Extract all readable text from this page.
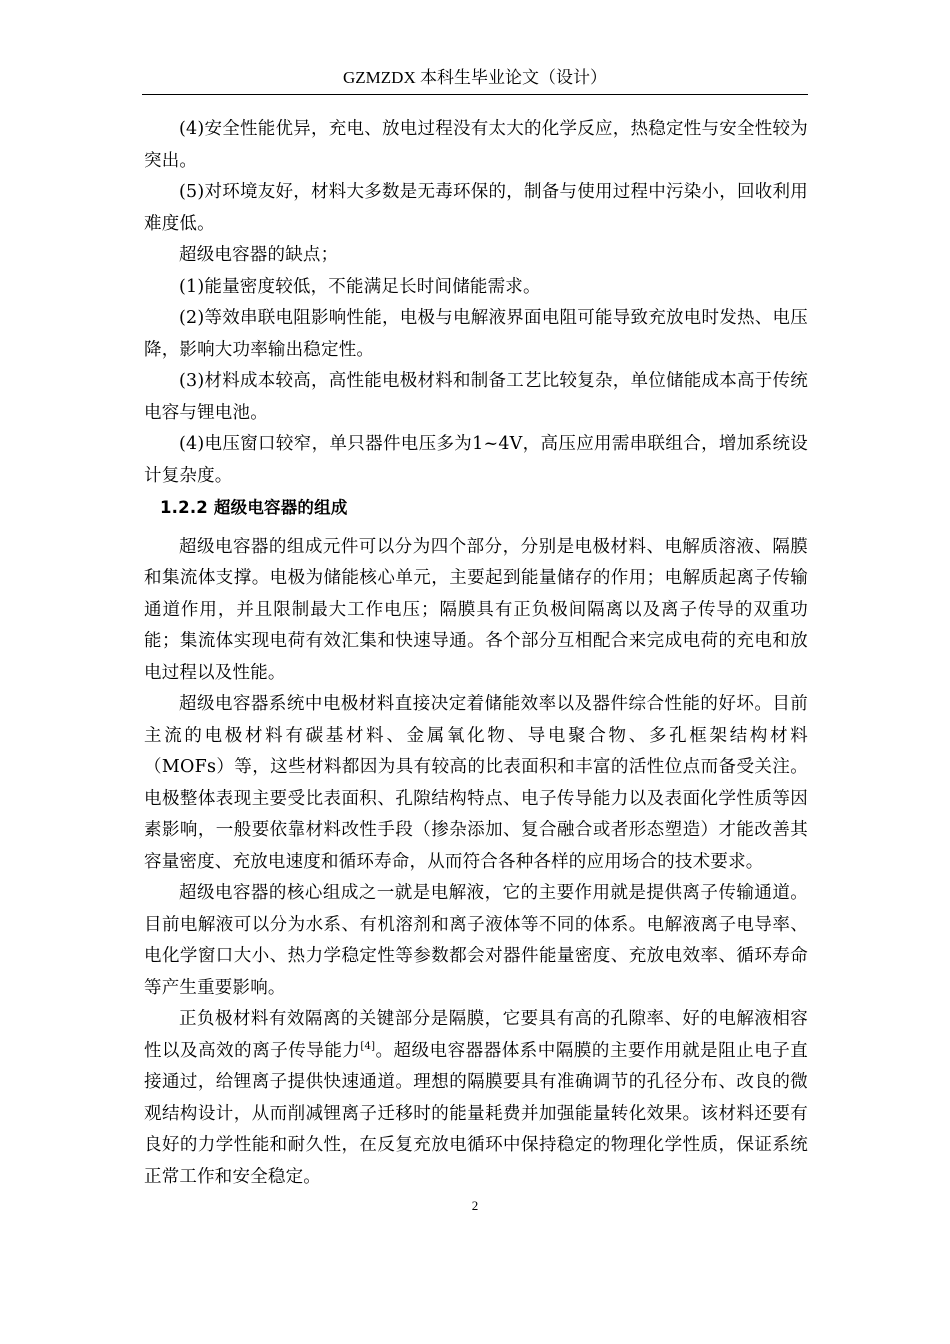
GZMZDX 本科生毕业论文（设计）

(4)安全性能优异，充电、放电过程没有太大的化学反应，热稳定性与安全性较为突出。

(5)对环境友好，材料大多数是无毒环保的，制备与使用过程中污染小，回收利用难度低。

超级电容器的缺点；

(1)能量密度较低，不能满足长时间储能需求。

(2)等效串联电阻影响性能，电极与电解液界面电阻可能导致充放电时发热、电压降，影响大功率输出稳定性。

(3)材料成本较高，高性能电极材料和制备工艺比较复杂，单位储能成本高于传统电容与锂电池。

(4)电压窗口较窄，单只器件电压多为1~4V，高压应用需串联组合，增加系统设计复杂度。

1.2.2 超级电容器的组成

超级电容器的组成元件可以分为四个部分，分别是电极材料、电解质溶液、隔膜和集流体支撑。电极为储能核心单元，主要起到能量储存的作用；电解质起离子传输通道作用，并且限制最大工作电压；隔膜具有正负极间隔离以及离子传导的双重功能；集流体实现电荷有效汇集和快速导通。各个部分互相配合来完成电荷的充电和放电过程以及性能。

超级电容器系统中电极材料直接决定着储能效率以及器件综合性能的好坏。目前主流的电极材料有碳基材料、金属氧化物、导电聚合物、多孔框架结构材料（MOFs）等，这些材料都因为具有较高的比表面积和丰富的活性位点而备受关注。电极整体表现主要受比表面积、孔隙结构特点、电子传导能力以及表面化学性质等因素影响，一般要依靠材料改性手段（掺杂添加、复合融合或者形态塑造）才能改善其容量密度、充放电速度和循环寿命，从而符合各种各样的应用场合的技术要求。

超级电容器的核心组成之一就是电解液，它的主要作用就是提供离子传输通道。目前电解液可以分为水系、有机溶剂和离子液体等不同的体系。电解液离子电导率、电化学窗口大小、热力学稳定性等参数都会对器件能量密度、充放电效率、循环寿命等产生重要影响。

正负极材料有效隔离的关键部分是隔膜，它要具有高的孔隙率、好的电解液相容性以及高效的离子传导能力[4]。超级电容器器体系中隔膜的主要作用就是阻止电子直接通过，给锂离子提供快速通道。理想的隔膜要具有准确调节的孔径分布、改良的微观结构设计，从而削减锂离子迁移时的能量耗费并加强能量转化效果。该材料还要有良好的力学性能和耐久性，在反复充放电循环中保持稳定的物理化学性质，保证系统正常工作和安全稳定。

2
